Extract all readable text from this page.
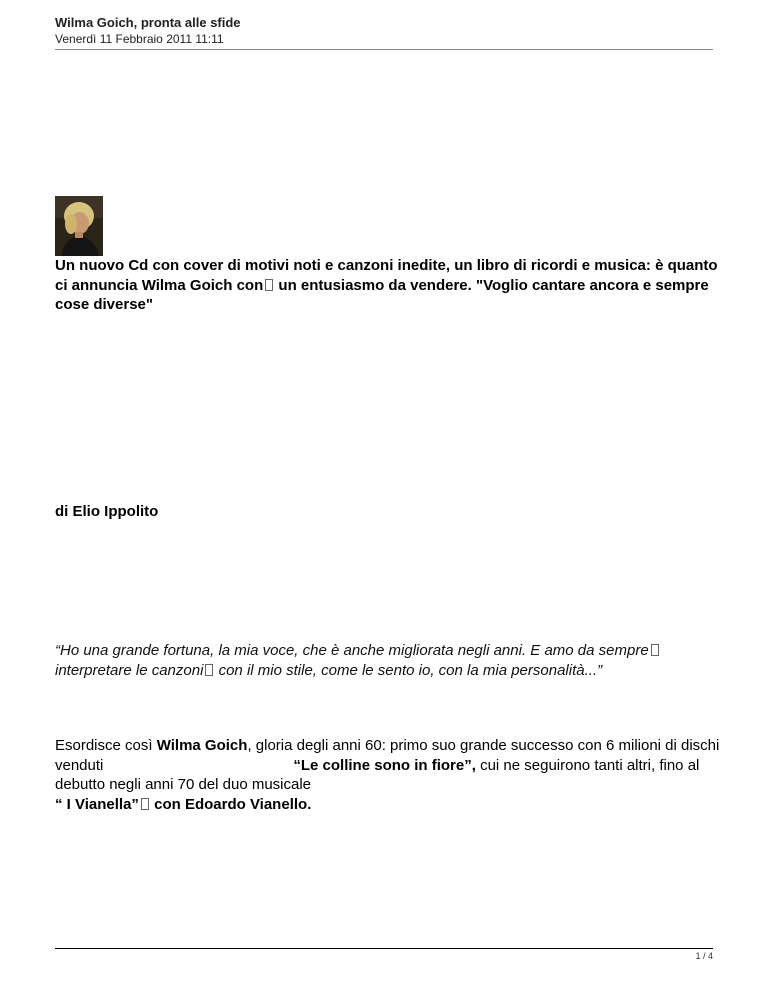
Wilma Goich, pronta alle sfide
Venerdì 11 Febbraio 2011 11:11
Un nuovo Cd con cover di motivi noti e canzoni inedite, un libro di ricordi e musica: è quanto ci annuncia Wilma Goich con un entusiasmo da vendere. "Voglio cantare ancora e sempre cose diverse"
di Elio Ippolito
“Ho una grande fortuna, la mia voce, che è anche migliorata negli anni. E amo da sempre interpretare le canzoni con il mio stile, come le sento io, con la mia personalità...”
Esordisce così Wilma Goich, gloria degli anni 60: primo suo grande successo con 6 milioni di dischi venduti	“Le colline sono in fiore”, cui ne seguirono tanti altri, fino al debutto negli anni 70 del duo musicale
“ I Vianella” con Edoardo Vianello.
1 / 4
